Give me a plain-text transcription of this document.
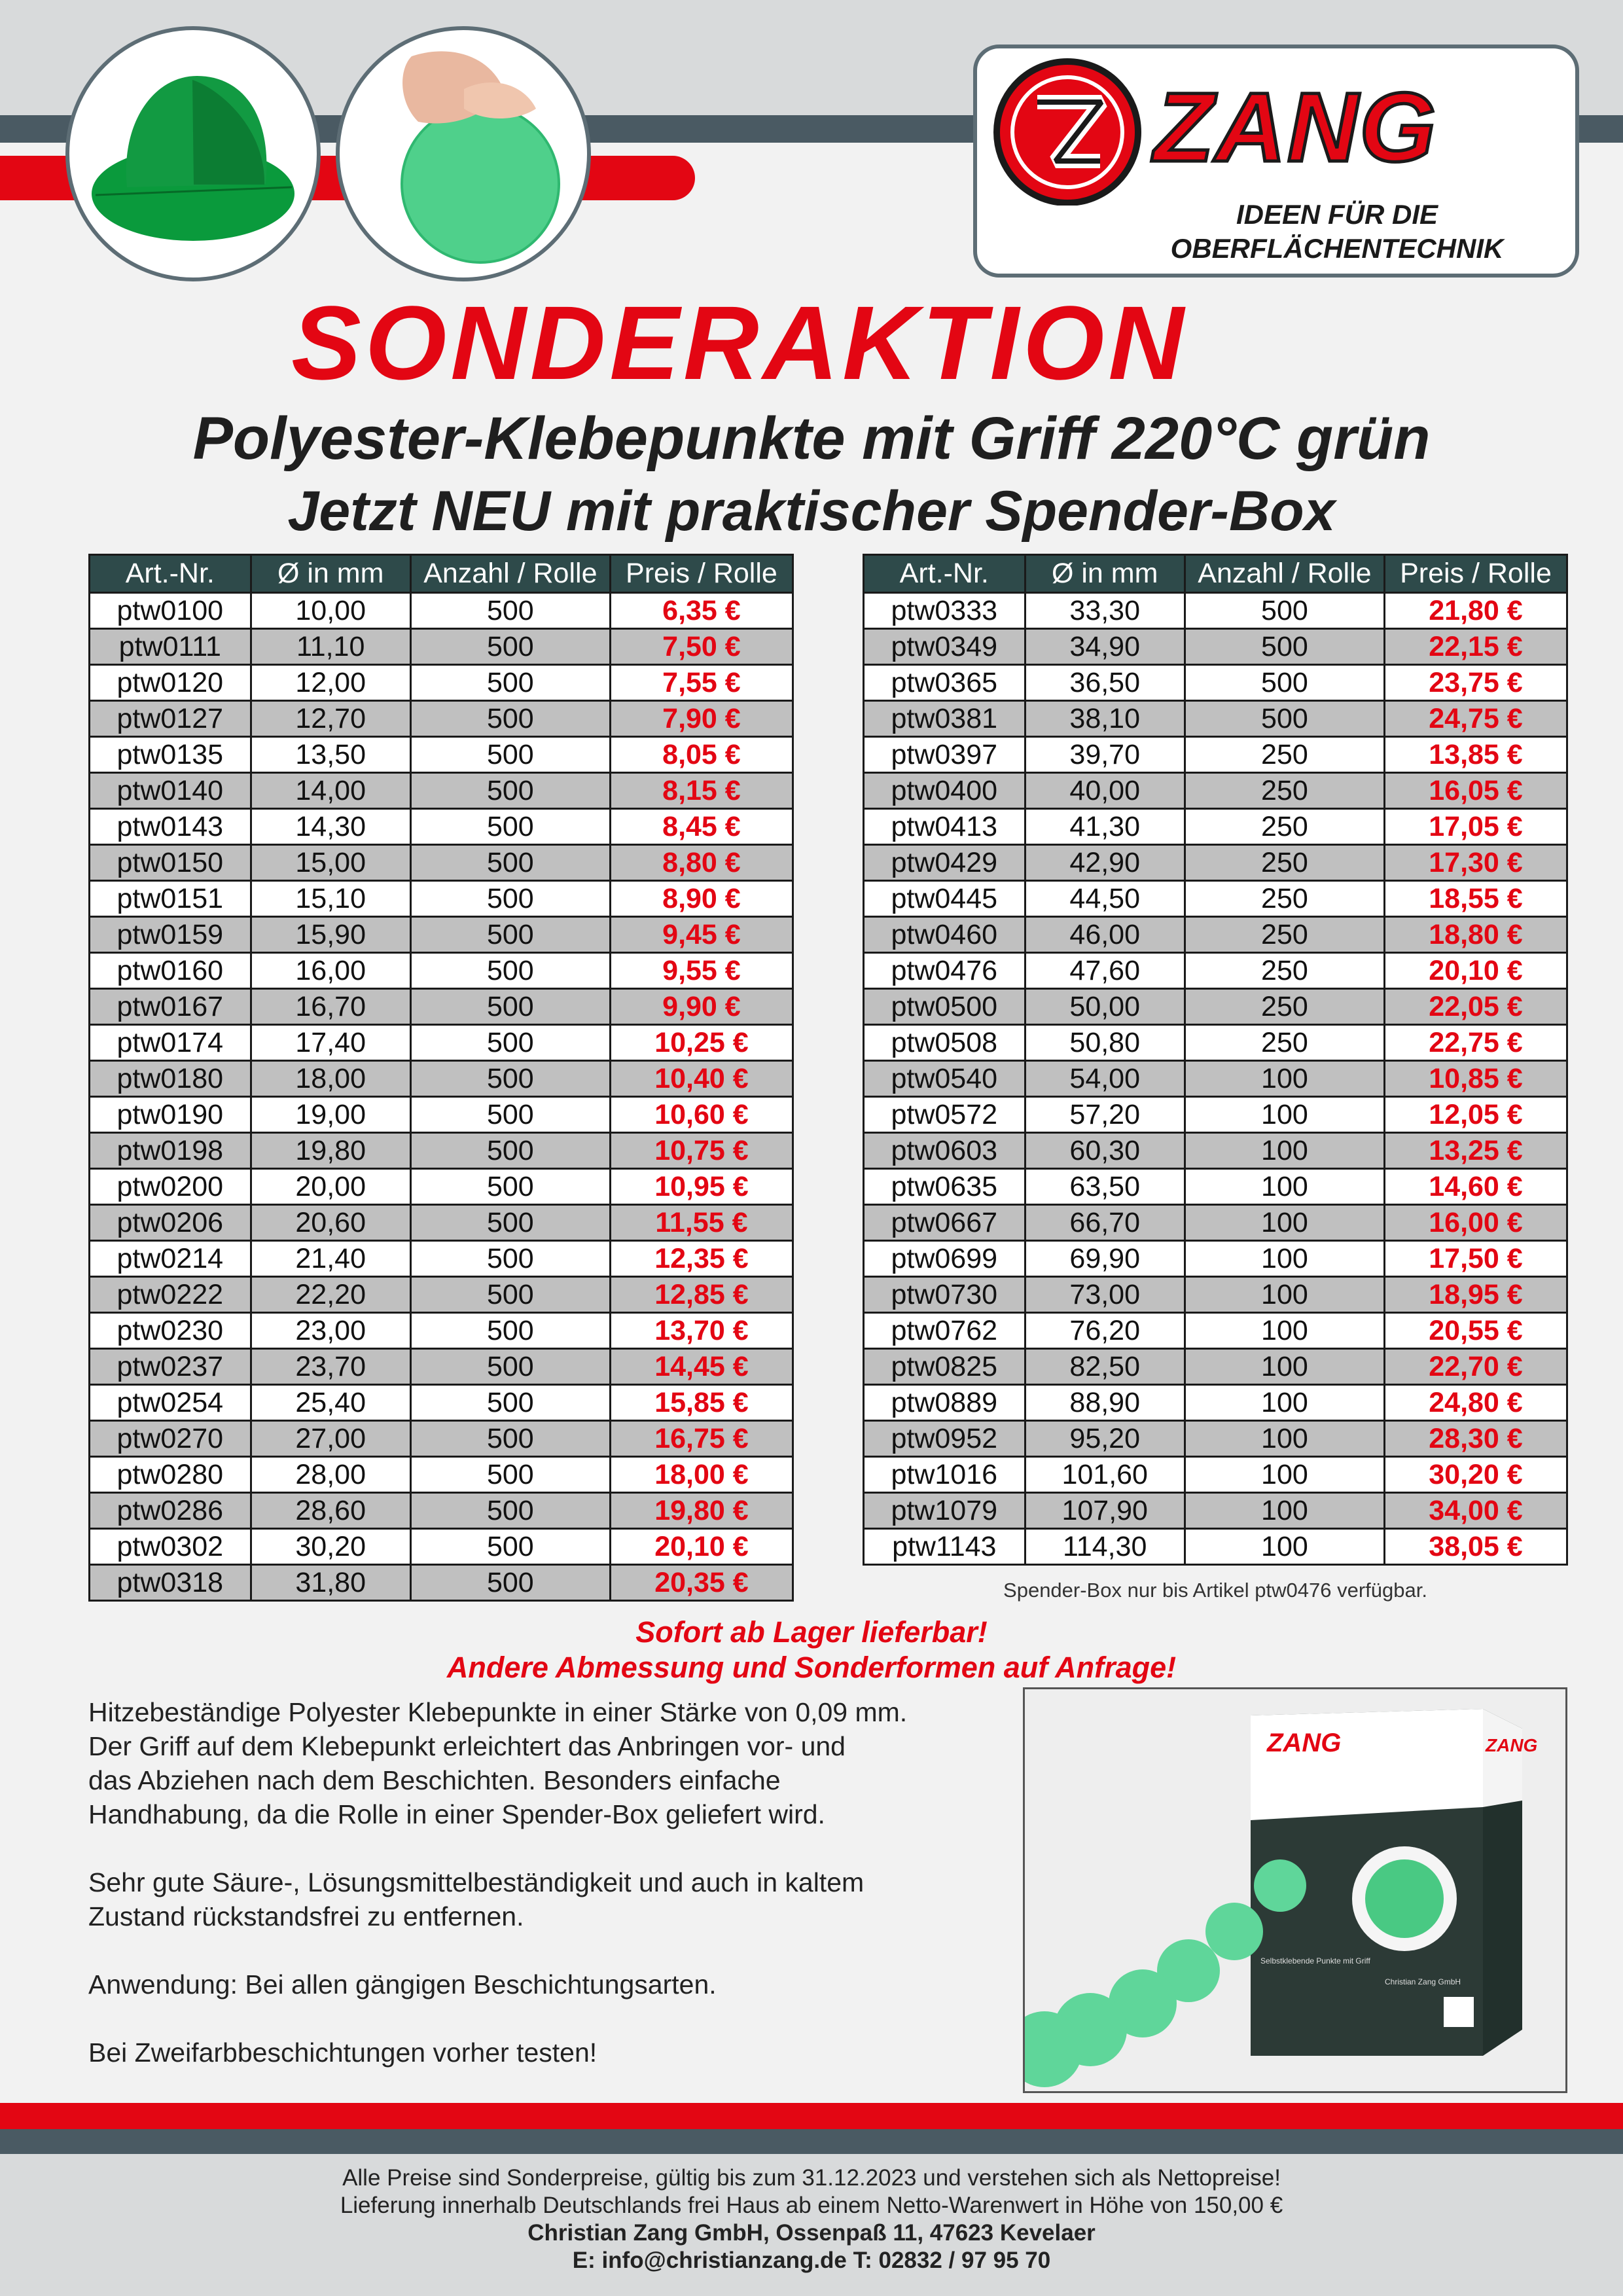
ZANG
IDEEN FÜR DIE
OBERFLÄCHENTECHNIK
SONDERAKTION
Polyester-Klebepunkte mit Griff 220°C grün
Jetzt NEU mit praktischer Spender-Box
Art.-Nr.	Ø in mm	Anzahl / Rolle	Preis / Rolle
ptw0100	10,00	500	6,35 €
ptw0111	11,10	500	7,50 €
ptw0120	12,00	500	7,55 €
ptw0127	12,70	500	7,90 €
ptw0135	13,50	500	8,05 €
ptw0140	14,00	500	8,15 €
ptw0143	14,30	500	8,45 €
ptw0150	15,00	500	8,80 €
ptw0151	15,10	500	8,90 €
ptw0159	15,90	500	9,45 €
ptw0160	16,00	500	9,55 €
ptw0167	16,70	500	9,90 €
ptw0174	17,40	500	10,25 €
ptw0180	18,00	500	10,40 €
ptw0190	19,00	500	10,60 €
ptw0198	19,80	500	10,75 €
ptw0200	20,00	500	10,95 €
ptw0206	20,60	500	11,55 €
ptw0214	21,40	500	12,35 €
ptw0222	22,20	500	12,85 €
ptw0230	23,00	500	13,70 €
ptw0237	23,70	500	14,45 €
ptw0254	25,40	500	15,85 €
ptw0270	27,00	500	16,75 €
ptw0280	28,00	500	18,00 €
ptw0286	28,60	500	19,80 €
ptw0302	30,20	500	20,10 €
ptw0318	31,80	500	20,35 €
Art.-Nr.	Ø in mm	Anzahl / Rolle	Preis / Rolle
ptw0333	33,30	500	21,80 €
ptw0349	34,90	500	22,15 €
ptw0365	36,50	500	23,75 €
ptw0381	38,10	500	24,75 €
ptw0397	39,70	250	13,85 €
ptw0400	40,00	250	16,05 €
ptw0413	41,30	250	17,05 €
ptw0429	42,90	250	17,30 €
ptw0445	44,50	250	18,55 €
ptw0460	46,00	250	18,80 €
ptw0476	47,60	250	20,10 €
ptw0500	50,00	250	22,05 €
ptw0508	50,80	250	22,75 €
ptw0540	54,00	100	10,85 €
ptw0572	57,20	100	12,05 €
ptw0603	60,30	100	13,25 €
ptw0635	63,50	100	14,60 €
ptw0667	66,70	100	16,00 €
ptw0699	69,90	100	17,50 €
ptw0730	73,00	100	18,95 €
ptw0762	76,20	100	20,55 €
ptw0825	82,50	100	22,70 €
ptw0889	88,90	100	24,80 €
ptw0952	95,20	100	28,30 €
ptw1016	101,60	100	30,20 €
ptw1079	107,90	100	34,00 €
ptw1143	114,30	100	38,05 €
Spender-Box nur bis Artikel ptw0476 verfügbar.
Sofort ab Lager lieferbar!
Andere Abmessung und Sonderformen auf Anfrage!

Hitzebeständige Polyester Klebepunkte in einer Stärke von 0,09 mm.
Der Griff auf dem Klebepunkt erleichtert das Anbringen vor- und
das Abziehen nach dem Beschichten. Besonders einfache
Handhabung, da die Rolle in einer Spender-Box geliefert wird.

Sehr gute Säure-, Lösungsmittelbeständigkeit und auch in kaltem
Zustand rückstandsfrei zu entfernen.

Anwendung: Bei allen gängigen Beschichtungsarten.

Bei Zweifarbbeschichtungen vorher testen!

ZANG	ZANG
Selbstklebende Punkte mit Griff
Christian Zang GmbH
Alle Preise sind Sonderpreise, gültig bis zum 31.12.2023 und verstehen sich als Nettopreise!
Lieferung innerhalb Deutschlands frei Haus ab einem Netto-Warenwert in Höhe von 150,00 €
Christian Zang GmbH, Ossenpaß 11, 47623 Kevelaer
E: info@christianzang.de T: 02832 / 97 95 70
